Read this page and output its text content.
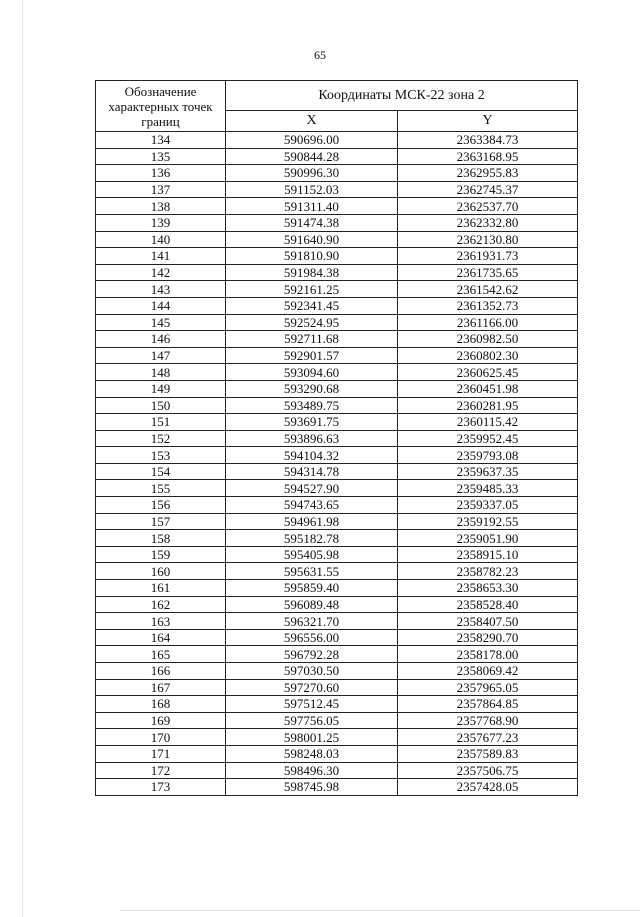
65
Обозначение характерных точек границ	Координаты МСК-22 зона 2	
	X	Y
134	590696.00	2363384.73
135	590844.28	2363168.95
136	590996.30	2362955.83
137	591152.03	2362745.37
138	591311.40	2362537.70
139	591474.38	2362332.80
140	591640.90	2362130.80
141	591810.90	2361931.73
142	591984.38	2361735.65
143	592161.25	2361542.62
144	592341.45	2361352.73
145	592524.95	2361166.00
146	592711.68	2360982.50
147	592901.57	2360802.30
148	593094.60	2360625.45
149	593290.68	2360451.98
150	593489.75	2360281.95
151	593691.75	2360115.42
152	593896.63	2359952.45
153	594104.32	2359793.08
154	594314.78	2359637.35
155	594527.90	2359485.33
156	594743.65	2359337.05
157	594961.98	2359192.55
158	595182.78	2359051.90
159	595405.98	2358915.10
160	595631.55	2358782.23
161	595859.40	2358653.30
162	596089.48	2358528.40
163	596321.70	2358407.50
164	596556.00	2358290.70
165	596792.28	2358178.00
166	597030.50	2358069.42
167	597270.60	2357965.05
168	597512.45	2357864.85
169	597756.05	2357768.90
170	598001.25	2357677.23
171	598248.03	2357589.83
172	598496.30	2357506.75
173	598745.98	2357428.05
